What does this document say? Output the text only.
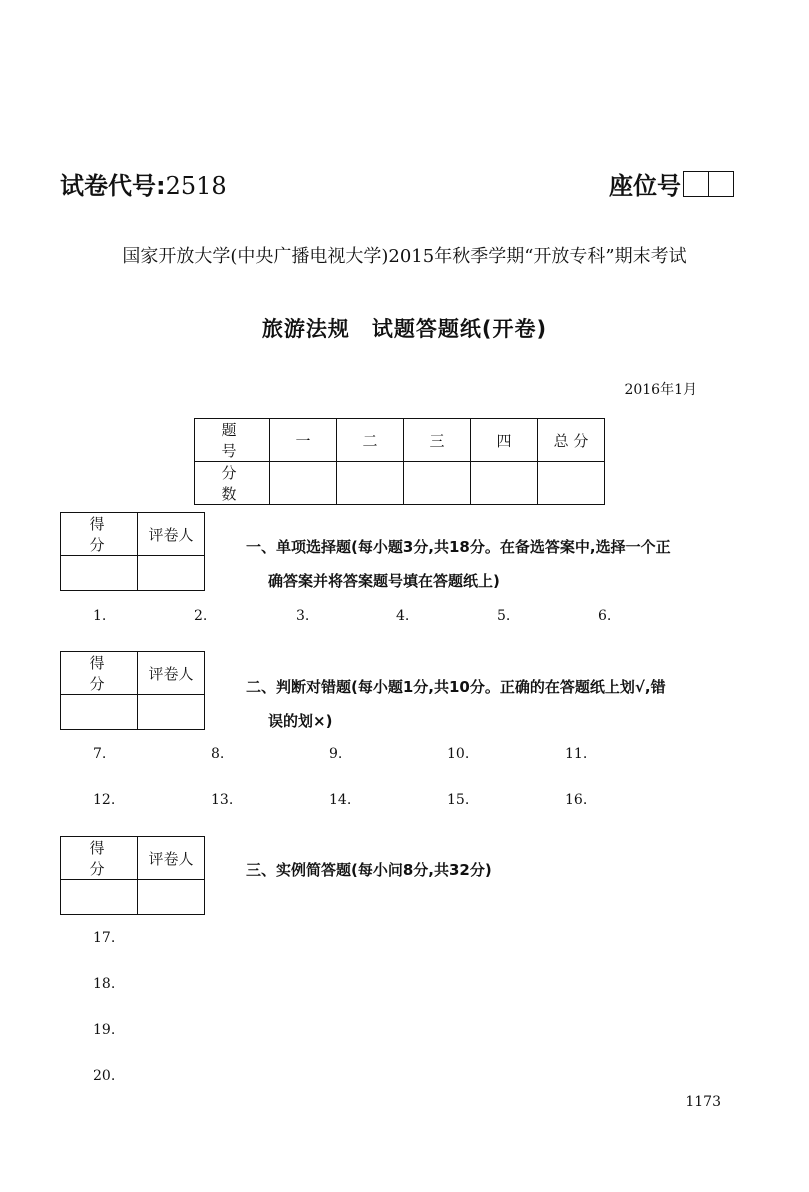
试卷代号:2518	座位号
国家开放大学(中央广播电视大学)2015年秋季学期“开放专科”期末考试
旅游法规　试题答题纸(开卷)
2016年1月
题 号	一	二	三	四	总 分
分 数					
得 分	评卷人

一、单项选择题(每小题3分,共18分。在备选答案中,选择一个正
确答案并将答案题号填在答题纸上)
1.	2.	3.	4.	5.	6.
得 分	评卷人

二、判断对错题(每小题1分,共10分。正确的在答题纸上划√,错
误的划×)
7.	8.	9.	10.	11.
12.	13.	14.	15.	16.
得 分	评卷人

三、实例简答题(每小问8分,共32分)
17.
18.
19.
20.
1173
